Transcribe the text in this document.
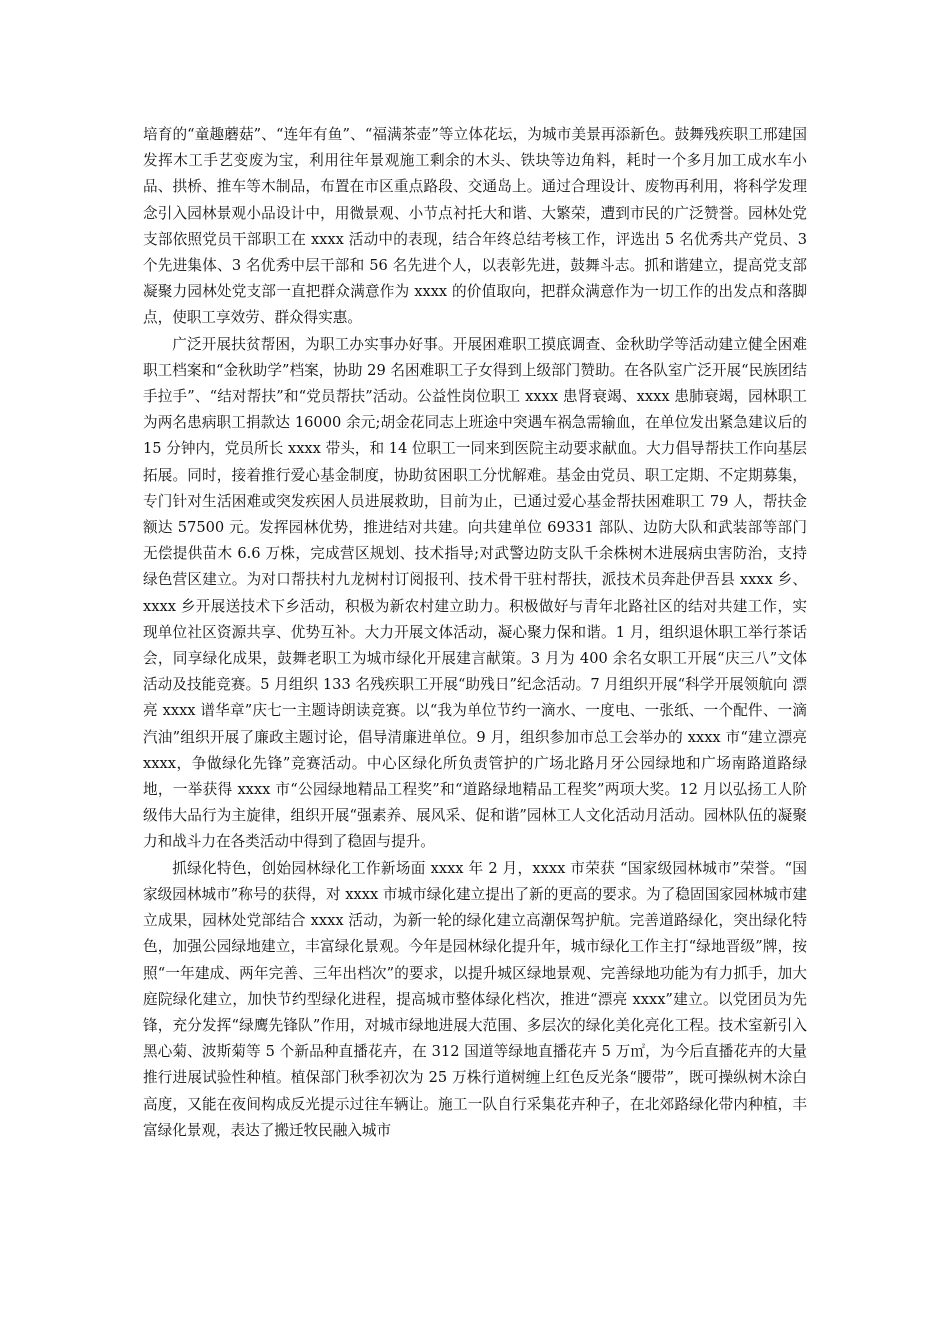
培育的“童趣蘑菇”、“连年有鱼”、“福满茶壶”等立体花坛，为城市美景再添新色。鼓舞残疾职工邢建国发挥木工手艺变废为宝，利用往年景观施工剩余的木头、铁块等边角料，耗时一个多月加工成水车小品、拱桥、推车等木制品，布置在市区重点路段、交通岛上。通过合理设计、废物再利用，将科学发理念引入园林景观小品设计中，用微景观、小节点衬托大和谐、大繁荣，遭到市民的广泛赞誉。园林处党支部依照党员干部职工在 xxxx 活动中的表现，结合年终总结考核工作，评选出 5 名优秀共产党员、3 个先进集体、3 名优秀中层干部和 56 名先进个人，以表彰先进，鼓舞斗志。抓和谐建立，提高党支部凝聚力园林处党支部一直把群众满意作为 xxxx 的价值取向，把群众满意作为一切工作的出发点和落脚点，使职工享效劳、群众得实惠。

广泛开展扶贫帮困，为职工办实事办好事。开展困难职工摸底调查、金秋助学等活动建立健全困难职工档案和“金秋助学”档案，协助 29 名困难职工子女得到上级部门赞助。在各队室广泛开展“民族团结手拉手”、“结对帮扶”和“党员帮扶”活动。公益性岗位职工 xxxx 患肾衰竭、xxxx 患肺衰竭，园林职工为两名患病职工捐款达 16000 余元;胡金花同志上班途中突遇车祸急需输血，在单位发出紧急建议后的 15 分钟内，党员所长 xxxx 带头，和 14 位职工一同来到医院主动要求献血。大力倡导帮扶工作向基层拓展。同时，接着推行爱心基金制度，协助贫困职工分忧解难。基金由党员、职工定期、不定期募集，专门针对生活困难或突发疾困人员进展救助，目前为止，已通过爱心基金帮扶困难职工 79 人，帮扶金额达 57500 元。发挥园林优势，推进结对共建。向共建单位 69331 部队、边防大队和武装部等部门无偿提供苗木 6.6 万株，完成营区规划、技术指导;对武警边防支队千余株树木进展病虫害防治，支持绿色营区建立。为对口帮扶村九龙树村订阅报刊、技术骨干驻村帮扶，派技术员奔赴伊吾县 xxxx 乡、xxxx 乡开展送技术下乡活动，积极为新农村建立助力。积极做好与青年北路社区的结对共建工作，实现单位社区资源共享、优势互补。大力开展文体活动，凝心聚力保和谐。1 月，组织退休职工举行茶话会，同享绿化成果，鼓舞老职工为城市绿化开展建言献策。3 月为 400 余名女职工开展“庆三八”文体活动及技能竞赛。5 月组织 133 名残疾职工开展“助残日”纪念活动。7 月组织开展“科学开展领航向 漂亮 xxxx 谱华章”庆七一主题诗朗读竞赛。以“我为单位节约一滴水、一度电、一张纸、一个配件、一滴汽油”组织开展了廉政主题讨论，倡导清廉进单位。9 月，组织参加市总工会举办的 xxxx 市“建立漂亮 xxxx，争做绿化先锋”竞赛活动。中心区绿化所负责管护的广场北路月牙公园绿地和广场南路道路绿地，一举获得 xxxx 市“公园绿地精品工程奖”和“道路绿地精品工程奖”两项大奖。12 月以弘扬工人阶级伟大品行为主旋律，组织开展“强素养、展风采、促和谐”园林工人文化活动月活动。园林队伍的凝聚力和战斗力在各类活动中得到了稳固与提升。

抓绿化特色，创始园林绿化工作新场面 xxxx 年 2 月，xxxx 市荣获 “国家级园林城市”荣誉。“国家级园林城市”称号的获得，对 xxxx 市城市绿化建立提出了新的更高的要求。为了稳固国家园林城市建立成果，园林处党部结合 xxxx 活动，为新一轮的绿化建立高潮保驾护航。完善道路绿化，突出绿化特色，加强公园绿地建立，丰富绿化景观。今年是园林绿化提升年，城市绿化工作主打“绿地晋级”牌，按照“一年建成、两年完善、三年出档次”的要求，以提升城区绿地景观、完善绿地功能为有力抓手，加大庭院绿化建立，加快节约型绿化进程，提高城市整体绿化档次，推进“漂亮 xxxx”建立。以党团员为先锋，充分发挥“绿鹰先锋队”作用，对城市绿地进展大范围、多层次的绿化美化亮化工程。技术室新引入黑心菊、波斯菊等 5 个新品种直播花卉，在 312 国道等绿地直播花卉 5 万㎡，为今后直播花卉的大量推行进展试验性种植。植保部门秋季初次为 25 万株行道树缠上红色反光条“腰带”，既可操纵树木涂白高度，又能在夜间构成反光提示过往车辆让。施工一队自行采集花卉种子，在北郊路绿化带内种植，丰富绿化景观，表达了搬迁牧民融入城市
